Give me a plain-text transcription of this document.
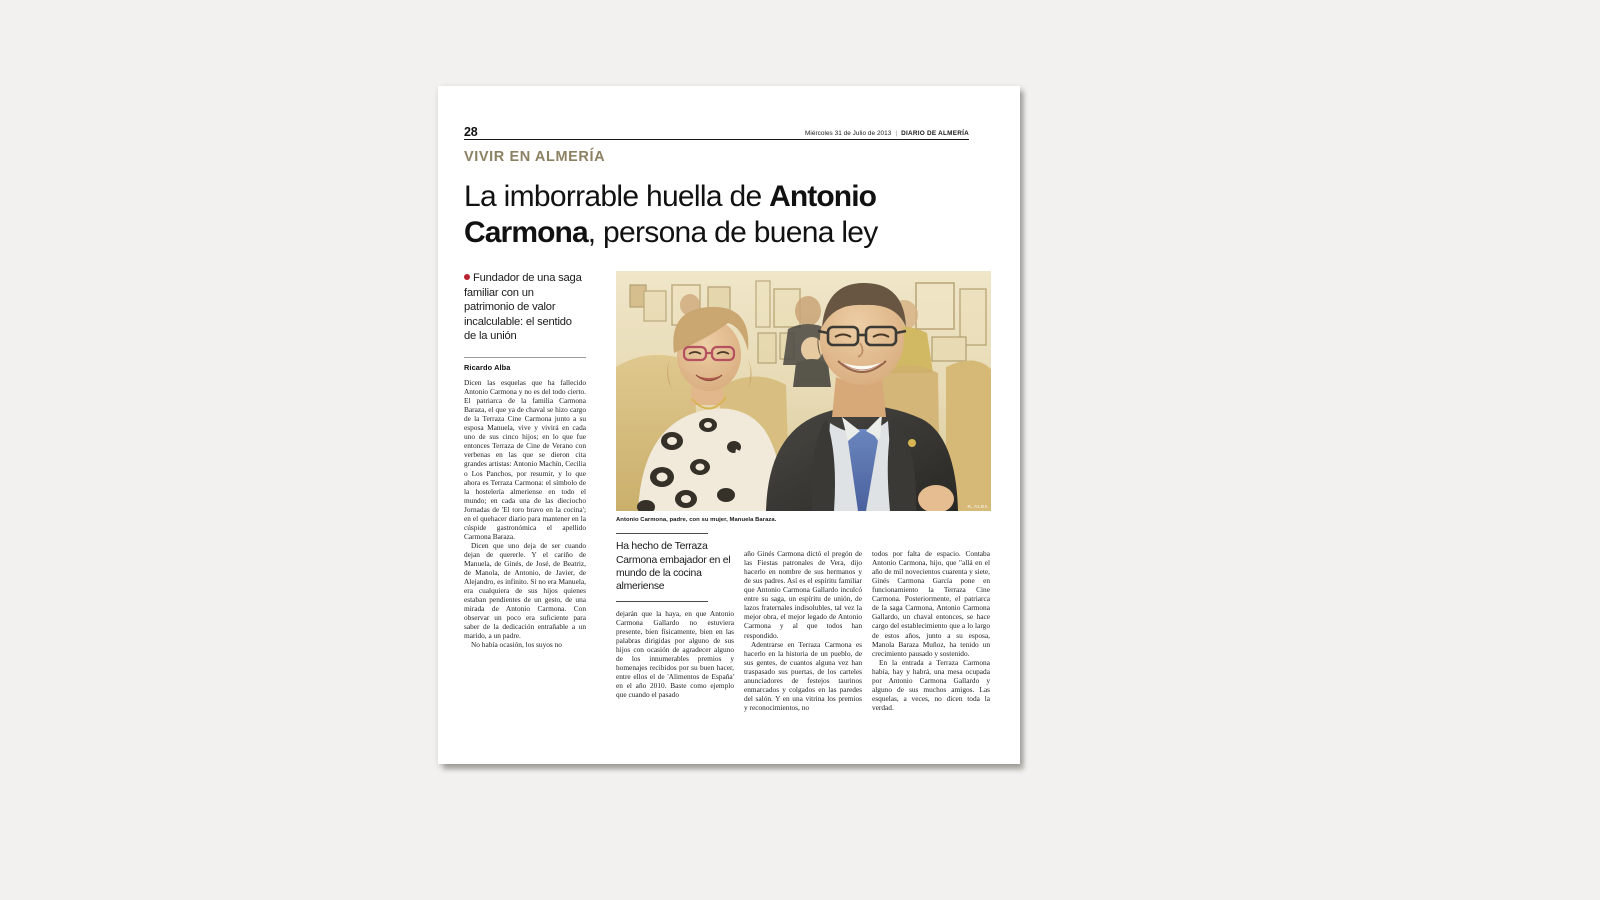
28	Miércoles 31 de Julio de 2013 | DIARIO DE ALMERÍA
VIVIR EN ALMERÍA
La imborrable huella de Antonio Carmona, persona de buena ley
Fundador de una saga familiar con un patrimonio de valor incalculable: el sentido de la unión
Ricardo Alba

Dicen las esquelas que ha fallecido Antonio Carmona y no es del todo cierto. El patriarca de la familia Carmona Baraza, el que ya de chaval se hizo cargo de la Terraza Cine Carmona junto a su esposa Manuela, vive y vivirá en cada uno de sus cinco hijos; en lo que fue entonces Terraza de Cine de Verano con verbenas en las que se dieron cita grandes artistas: Antonio Machín, Cecilia o Los Panchos, por resumir, y lo que ahora es Terraza Carmona: el símbolo de la hostelería almeriense en todo el mundo; en cada una de las dieciocho Jornadas de 'El toro bravo en la cocina'; en el quehacer diario para mantener en la cúspide gastronómica el apellido Carmona Baraza.

Dicen que uno deja de ser cuando dejan de quererle. Y el cariño de Manuela, de Ginés, de José, de Beatriz, de Manola, de Antonio, de Javier, de Alejandro, es infinito. Si no era Manuela, era cualquiera de sus hijos quienes estaban pendientes de un gesto, de una mirada de Antonio Carmona. Con observar un poco era suficiente para saber de la dedicación entrañable a un marido, a un padre.

No había ocasión, los suyos no

R. ALBA
Antonio Carmona, padre, con su mujer, Manuela Baraza.
Ha hecho de Terraza Carmona embajador en el mundo de la cocina almeriense

dejarán que la haya, en que Antonio Carmona Gallardo no estuviera presente, bien físicamente, bien en las palabras dirigidas por alguno de sus hijos con ocasión de agradecer alguno de los innumerables premios y homenajes recibidos por su buen hacer, entre ellos el de 'Alimentos de España' en el año 2010. Baste como ejemplo que cuando el pasado

año Ginés Carmona dictó el pregón de las Fiestas patronales de Vera, dijo hacerlo en nombre de sus hermanos y de sus padres. Así es el espíritu familiar que Antonio Carmona Gallardo inculcó entre su saga, un espíritu de unión, de lazos fraternales indisolubles, tal vez la mejor obra, el mejor legado de Antonio Carmona y al que todos han respondido.

Adentrarse en Terraza Carmona es hacerlo en la historia de un pueblo, de sus gentes, de cuantos alguna vez han traspasado sus puertas, de los carteles anunciadores de festejos taurinos enmarcados y colgados en las paredes del salón. Y en una vitrina los premios y reconocimientos, no

todos por falta de espacio. Contaba Antonio Carmona, hijo, que "allá en el año de mil novecientos cuarenta y siete, Ginés Carmona García pone en funcionamiento la Terraza Cine Carmona. Posteriormente, el patriarca de la saga Carmona, Antonio Carmona Gallardo, un chaval entonces, se hace cargo del establecimiento que a lo largo de estos años, junto a su esposa, Manola Baraza Muñoz, ha tenido un crecimiento pausado y sostenido.

En la entrada a Terraza Carmona había, hay y habrá, una mesa ocupada por Antonio Carmona Gallardo y alguno de sus muchos amigos. Las esquelas, a veces, no dicen toda la verdad.
